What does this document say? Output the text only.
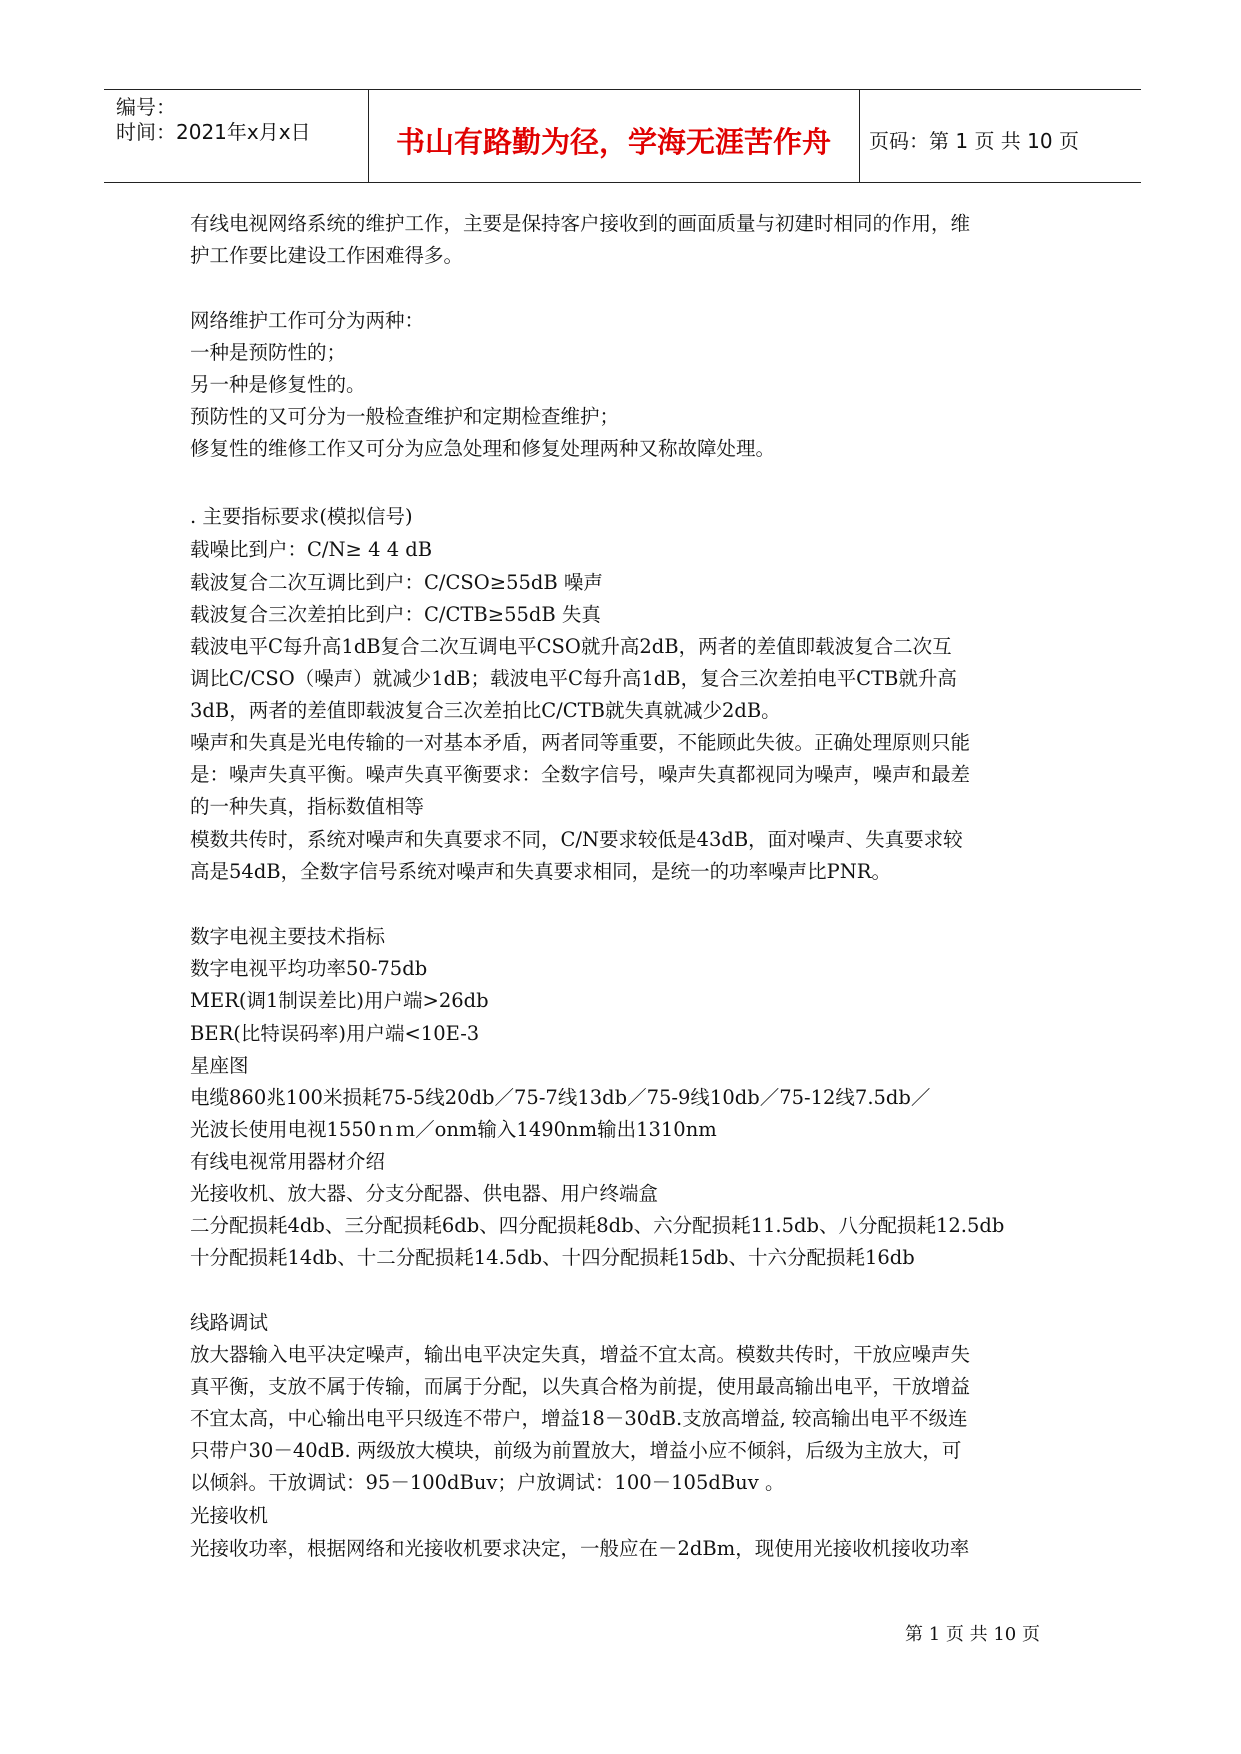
编号：
时间：2021年x月x日	书山有路勤为径，学海无涯苦作舟	页码：第 1 页 共 10 页
有线电视网络系统的维护工作，主要是保持客户接收到的画面质量与初建时相同的作用，维
护工作要比建设工作困难得多。
网络维护工作可分为两种：
一种是预防性的；
另一种是修复性的。
预防性的又可分为一般检查维护和定期检查维护；
修复性的维修工作又可分为应急处理和修复处理两种又称故障处理。
. 主要指标要求(模拟信号)
载噪比到户：C/N≥ 4 4 dB
载波复合二次互调比到户：C/CSO≥55dB 噪声
载波复合三次差拍比到户：C/CTB≥55dB 失真
载波电平C每升高1dB复合二次互调电平CSO就升高2dB，两者的差值即载波复合二次互
调比C/CSO（噪声）就减少1dB；载波电平C每升高1dB，复合三次差拍电平CTB就升高
3dB，两者的差值即载波复合三次差拍比C/CTB就失真就减少2dB。
噪声和失真是光电传输的一对基本矛盾，两者同等重要，不能顾此失彼。正确处理原则只能
是：噪声失真平衡。噪声失真平衡要求：全数字信号，噪声失真都视同为噪声，噪声和最差
的一种失真，指标数值相等
模数共传时，系统对噪声和失真要求不同，C/N要求较低是43dB，面对噪声、失真要求较
高是54dB，全数字信号系统对噪声和失真要求相同，是统一的功率噪声比PNR。
数字电视主要技术指标
数字电视平均功率50-75db
MER(调1制误差比)用户端>26db
BER(比特误码率)用户端<10E-3
星座图
电缆860兆100米损耗75-5线20db／75-7线13db／75-9线10db／75-12线7.5db／
光波长使用电视1550ｎｍ／onm输入1490nm输出1310nm
有线电视常用器材介绍
光接收机、放大器、分支分配器、供电器、用户终端盒
二分配损耗4db、三分配损耗6db、四分配损耗8db、六分配损耗11.5db、八分配损耗12.5db
十分配损耗14db、十二分配损耗14.5db、十四分配损耗15db、十六分配损耗16db
线路调试
放大器输入电平决定噪声，输出电平决定失真，增益不宜太高。模数共传时，干放应噪声失
真平衡，支放不属于传输，而属于分配，以失真合格为前提，使用最高输出电平，干放增益
不宜太高，中心输出电平只级连不带户，增益18－30dB.支放高增益, 较高输出电平不级连
只带户30－40dB. 两级放大模块，前级为前置放大，增益小应不倾斜，后级为主放大，可
以倾斜。干放调试：95－100dBuv；户放调试：100－105dBuv 。
光接收机
光接收功率，根据网络和光接收机要求决定，一般应在－2dBm，现使用光接收机接收功率
第 1 页 共 10 页
